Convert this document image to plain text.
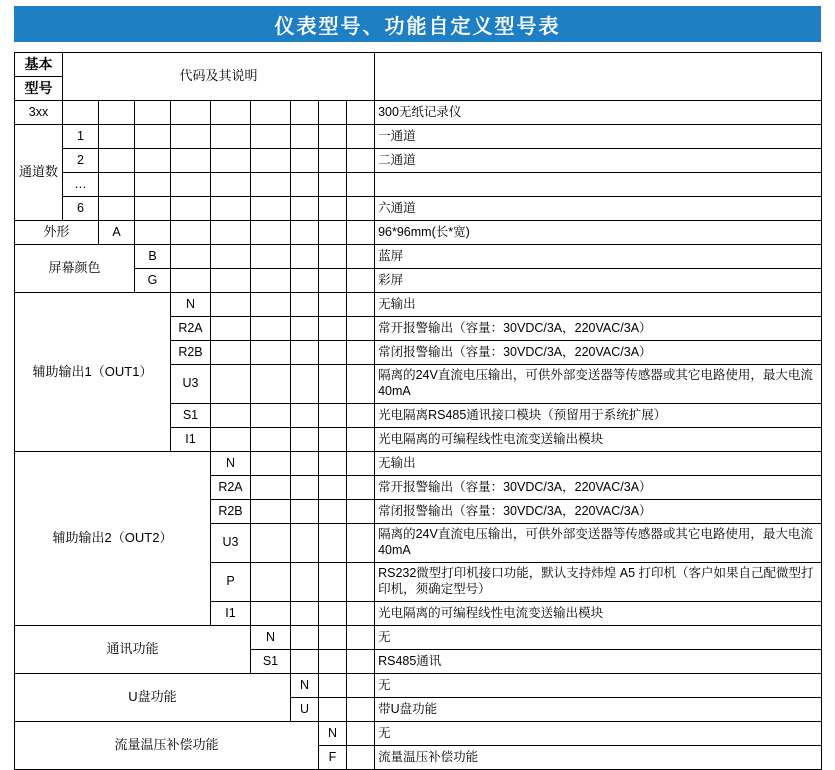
仪表型号、功能自定义型号表
基本	代码及其说明									
型号										
3xx										300无纸记录仪
通道数	1									一通道
	2									二通道
	…									
	6									六通道
外形		A								96*96mm(长*宽)
屏幕颜色			B							蓝屏
			G							彩屏
辅助输出1（OUT1）				N						无输出
				R2A						常开报警输出（容量：30VDC/3A，220VAC/3A）
				R2B						常闭报警输出（容量：30VDC/3A，220VAC/3A）
				U3						隔离的24V直流电压输出，可供外部变送器等传感器或其它电路使用，最大电流40mA
				S1						光电隔离RS485通讯接口模块（预留用于系统扩展）
				I1						光电隔离的可编程线性电流变送输出模块
辅助输出2（OUT2）					N					无输出
					R2A					常开报警输出（容量：30VDC/3A，220VAC/3A）
					R2B					常闭报警输出（容量：30VDC/3A，220VAC/3A）
					U3					隔离的24V直流电压输出，可供外部变送器等传感器或其它电路使用，最大电流40mA
					P					RS232微型打印机接口功能，默认支持炜煌 A5 打印机（客户如果自己配微型打印机，须确定型号）
					I1					光电隔离的可编程线性电流变送输出模块
通讯功能						N				无
						S1				RS485通讯
U盘功能							N			无
							U			带U盘功能
流量温压补偿功能								N		无
								F		流量温压补偿功能
